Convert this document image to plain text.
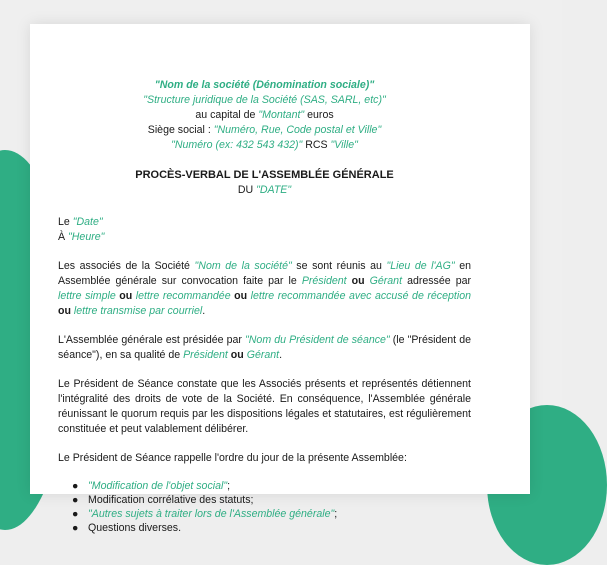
"Nom de la société (Dénomination sociale)"
"Structure juridique de la Société (SAS, SARL, etc)"
au capital de "Montant" euros
Siège social : "Numéro, Rue, Code postal et Ville"
"Numéro (ex: 432 543 432)" RCS "Ville"
PROCÈS-VERBAL DE L'ASSEMBLÉE GÉNÉRALE
DU "DATE"
Le "Date"
À "Heure"
Les associés de la Société "Nom de la société" se sont réunis au "Lieu de l'AG" en Assemblée générale sur convocation faite par le Président ou Gérant adressée par lettre simple ou lettre recommandée ou lettre recommandée avec accusé de réception ou lettre transmise par courriel.
L'Assemblée générale est présidée par "Nom du Président de séance" (le "Président de séance"), en sa qualité de Président ou Gérant.
Le Président de Séance constate que les Associés présents et représentés détiennent l'intégralité des droits de vote de la Société. En conséquence, l'Assemblée générale réunissant le quorum requis par les dispositions légales et statutaires, est régulièrement constituée et peut valablement délibérer.
Le Président de Séance rappelle l'ordre du jour de la présente Assemblée:
● "Modification de l'objet social";
● Modification corrélative des statuts;
● "Autres sujets à traiter lors de l'Assemblée générale";
● Questions diverses.
